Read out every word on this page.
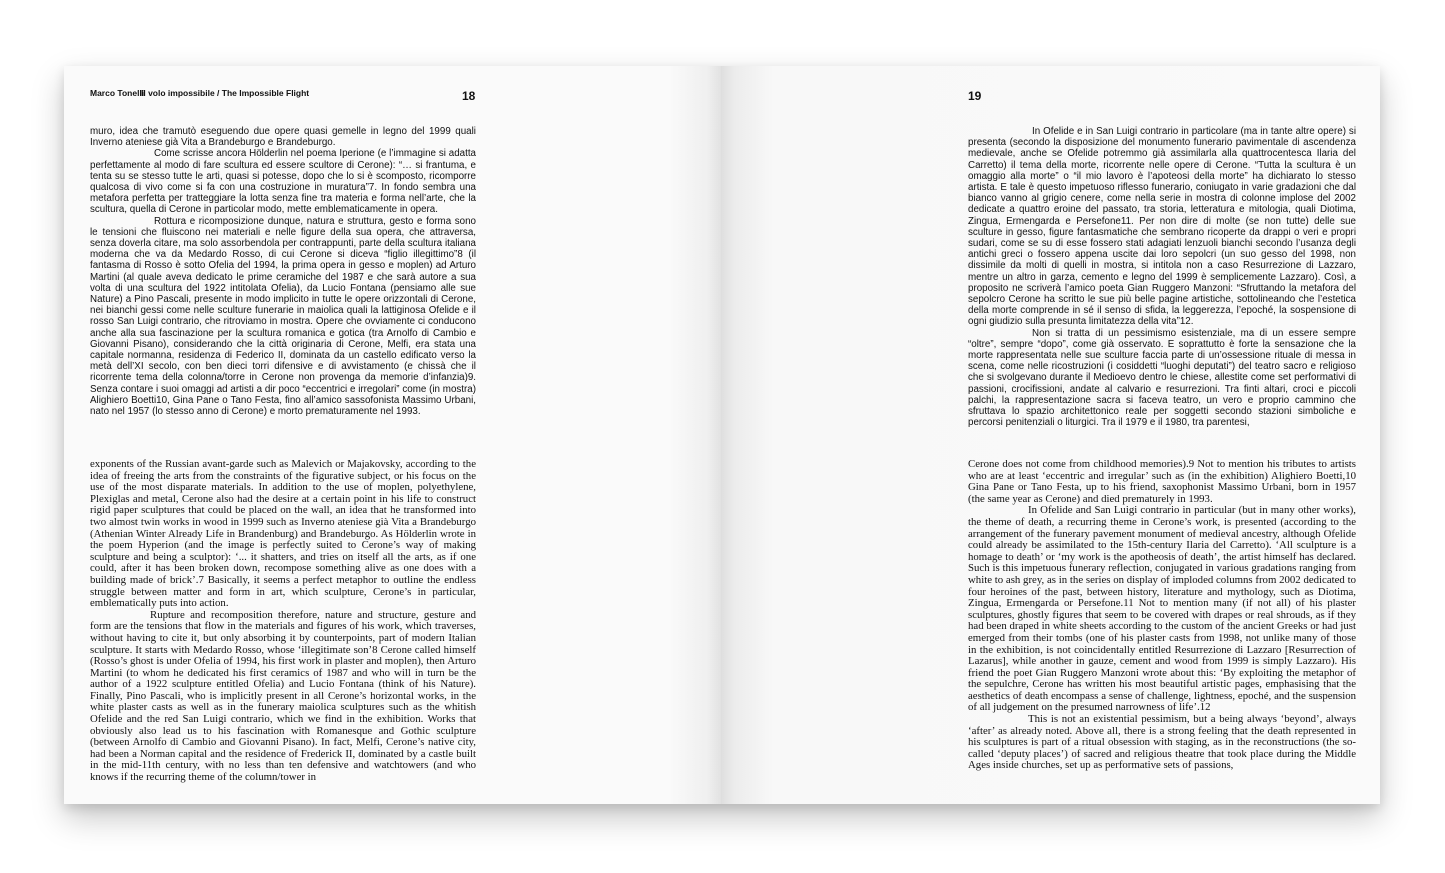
Marco Tonelli
Il volo impossibile / The Impossible Flight	18

muro, idea che tramutò eseguendo due opere quasi gemelle in legno del 1999 quali Inverno ateniese già Vita a Brandeburgo e Brandeburgo.

Come scrisse ancora Hölderlin nel poema Iperione (e l’immagine si adatta perfettamente al modo di fare scultura ed essere scultore di Cerone): “… si frantuma, e tenta su se stesso tutte le arti, quasi si potesse, dopo che lo si è scomposto, ricomporre qualcosa di vivo come si fa con una costruzione in muratura”7. In fondo sembra una metafora perfetta per tratteggiare la lotta senza fine tra materia e forma nell’arte, che la scultura, quella di Cerone in particolar modo, mette emblematicamente in opera.

Rottura e ricomposizione dunque, natura e struttura, gesto e forma sono le tensioni che fluiscono nei materiali e nelle figure della sua opera, che attraversa, senza doverla citare, ma solo assorbendola per contrappunti, parte della scultura italiana moderna che va da Medardo Rosso, di cui Cerone si diceva “figlio illegittimo”8 (il fantasma di Rosso è sotto Ofelia del 1994, la prima opera in gesso e moplen) ad Arturo Martini (al quale aveva dedicato le prime ceramiche del 1987 e che sarà autore a sua volta di una scultura del 1922 intitolata Ofelia), da Lucio Fontana (pensiamo alle sue Nature) a Pino Pascali, presente in modo implicito in tutte le opere orizzontali di Cerone, nei bianchi gessi come nelle sculture funerarie in maiolica quali la lattiginosa Ofelide e il rosso San Luigi contrario, che ritroviamo in mostra. Opere che ovviamente ci conducono anche alla sua fascinazione per la scultura romanica e gotica (tra Arnolfo di Cambio e Giovanni Pisano), considerando che la città originaria di Cerone, Melfi, era stata una capitale normanna, residenza di Federico II, dominata da un castello edificato verso la metà dell’XI secolo, con ben dieci torri difensive e di avvistamento (e chissà che il ricorrente tema della colonna/torre in Cerone non provenga da memorie d’infanzia)9. Senza contare i suoi omaggi ad artisti a dir poco “eccentrici e irregolari” come (in mostra) Alighiero Boetti10, Gina Pane o Tano Festa, fino all’amico sassofonista Massimo Urbani, nato nel 1957 (lo stesso anno di Cerone) e morto prematuramente nel 1993.

exponents of the Russian avant-garde such as Malevich or Majakovsky, according to the idea of freeing the arts from the constraints of the figurative subject, or his focus on the use of the most disparate materials. In addition to the use of moplen, polyethylene, Plexiglas and metal, Cerone also had the desire at a certain point in his life to construct rigid paper sculptures that could be placed on the wall, an idea that he transformed into two almost twin works in wood in 1999 such as Inverno ateniese già Vita a Brandeburgo (Athenian Winter Already Life in Brandenburg) and Brandeburgo. As Hölderlin wrote in the poem Hyperion (and the image is perfectly suited to Cerone’s way of making sculpture and being a sculptor): ‘... it shatters, and tries on itself all the arts, as if one could, after it has been broken down, recompose something alive as one does with a building made of brick’.7 Basically, it seems a perfect metaphor to outline the endless struggle between matter and form in art, which sculpture, Cerone’s in particular, emblematically puts into action.

Rupture and recomposition therefore, nature and structure, gesture and form are the tensions that flow in the materials and figures of his work, which traverses, without having to cite it, but only absorbing it by counterpoints, part of modern Italian sculpture. It starts with Medardo Rosso, whose ‘illegitimate son’8 Cerone called himself (Rosso’s ghost is under Ofelia of 1994, his first work in plaster and moplen), then Arturo Martini (to whom he dedicated his first ceramics of 1987 and who will in turn be the author of a 1922 sculpture entitled Ofelia) and Lucio Fontana (think of his Nature). Finally, Pino Pascali, who is implicitly present in all Cerone’s horizontal works, in the white plaster casts as well as in the funerary maiolica sculptures such as the whitish Ofelide and the red San Luigi contrario, which we find in the exhibition. Works that obviously also lead us to his fascination with Romanesque and Gothic sculpture (between Arnolfo di Cambio and Giovanni Pisano). In fact, Melfi, Cerone’s native city, had been a Norman capital and the residence of Frederick II, dominated by a castle built in the mid-11th century, with no less than ten defensive and watchtowers (and who knows if the recurring theme of the column/tower in

19

In Ofelide e in San Luigi contrario in particolare (ma in tante altre opere) si presenta (secondo la disposizione del monumento funerario pavimentale di ascendenza medievale, anche se Ofelide potremmo già assimilarla alla quattrocentesca Ilaria del Carretto) il tema della morte, ricorrente nelle opere di Cerone. “Tutta la scultura è un omaggio alla morte” o “il mio lavoro è l’apoteosi della morte” ha dichiarato lo stesso artista. E tale è questo impetuoso riflesso funerario, coniugato in varie gradazioni che dal bianco vanno al grigio cenere, come nella serie in mostra di colonne implose del 2002 dedicate a quattro eroine del passato, tra storia, letteratura e mitologia, quali Diotima, Zingua, Ermengarda e Persefone11. Per non dire di molte (se non tutte) delle sue sculture in gesso, figure fantasmatiche che sembrano ricoperte da drappi o veri e propri sudari, come se su di esse fossero stati adagiati lenzuoli bianchi secondo l’usanza degli antichi greci o fossero appena uscite dai loro sepolcri (un suo gesso del 1998, non dissimile da molti di quelli in mostra, si intitola non a caso Resurrezione di Lazzaro, mentre un altro in garza, cemento e legno del 1999 è semplicemente Lazzaro). Così, a proposito ne scriverà l’amico poeta Gian Ruggero Manzoni: “Sfruttando la metafora del sepolcro Cerone ha scritto le sue più belle pagine artistiche, sottolineando che l’estetica della morte comprende in sé il senso di sfida, la leggerezza, l’epoché, la sospensione di ogni giudizio sulla presunta limitatezza della vita”12.

Non si tratta di un pessimismo esistenziale, ma di un essere sempre “oltre”, sempre “dopo”, come già osservato. E soprattutto è forte la sensazione che la morte rappresentata nelle sue sculture faccia parte di un’ossessione rituale di messa in scena, come nelle ricostruzioni (i cosiddetti “luoghi deputati”) del teatro sacro e religioso che si svolgevano durante il Medioevo dentro le chiese, allestite come set performativi di passioni, crocifissioni, andate al calvario e resurrezioni. Tra finti altari, croci e piccoli palchi, la rappresentazione sacra si faceva teatro, un vero e proprio cammino che sfruttava lo spazio architettonico reale per soggetti secondo stazioni simboliche e percorsi penitenziali o liturgici. Tra il 1979 e il 1980, tra parentesi,

Cerone does not come from childhood memories).9 Not to mention his tributes to artists who are at least ‘eccentric and irregular’ such as (in the exhibition) Alighiero Boetti,10 Gina Pane or Tano Festa, up to his friend, saxophonist Massimo Urbani, born in 1957 (the same year as Cerone) and died prematurely in 1993.

In Ofelide and San Luigi contrario in particular (but in many other works), the theme of death, a recurring theme in Cerone’s work, is presented (according to the arrangement of the funerary pavement monument of medieval ancestry, although Ofelide could already be assimilated to the 15th-century Ilaria del Carretto). ‘All sculpture is a homage to death’ or ‘my work is the apotheosis of death’, the artist himself has declared. Such is this impetuous funerary reflection, conjugated in various gradations ranging from white to ash grey, as in the series on display of imploded columns from 2002 dedicated to four heroines of the past, between history, literature and mythology, such as Diotima, Zingua, Ermengarda or Persefone.11 Not to mention many (if not all) of his plaster sculptures, ghostly figures that seem to be covered with drapes or real shrouds, as if they had been draped in white sheets according to the custom of the ancient Greeks or had just emerged from their tombs (one of his plaster casts from 1998, not unlike many of those in the exhibition, is not coincidentally entitled Resurrezione di Lazzaro [Resurrection of Lazarus], while another in gauze, cement and wood from 1999 is simply Lazzaro). His friend the poet Gian Ruggero Manzoni wrote about this: ‘By exploiting the metaphor of the sepulchre, Cerone has written his most beautiful artistic pages, emphasising that the aesthetics of death encompass a sense of challenge, lightness, epoché, and the suspension of all judgement on the presumed narrowness of life’.12

This is not an existential pessimism, but a being always ‘beyond’, always ‘after’ as already noted. Above all, there is a strong feeling that the death represented in his sculptures is part of a ritual obsession with staging, as in the reconstructions (the so-called ‘deputy places’) of sacred and religious theatre that took place during the Middle Ages inside churches, set up as performative sets of passions,
